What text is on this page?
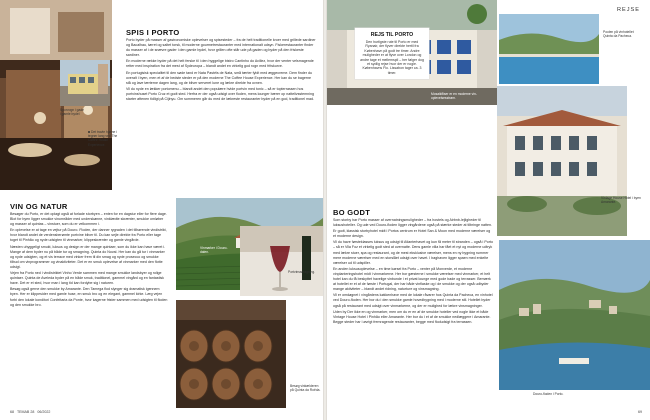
Sporvogn i gade
i gamle bydel
Det travle hjørne i tegner lang ved The Coffee House Experience.
SPIS I PORTO

Porto byder på masser af gastronomiske oplevelser og spisesteder – fra de helt traditionelle kroer med grillede sardiner og Bacalhau, tørret og saltet torsk, til moderne gourmetrestauranter med internationalt udsyn. Fiskerestauranter finder du masser af i de snævre gader i den gamle bydel, hvor grillen ofte står ude på gaden og byder på den friskeste sardiner.

En moderne række byder på det helt ferske til i den hyggelige bistro Cantinho do Avillez, hvor der venter velsmagende retter med inspiration fra det mest af Sydeuropa – blandt andet en virkelig god rogn med fritskurve.

En portugisisk specialitet til den søde tand er Nata Pastéis de Nata, små tærter fyldt med æggecreme. Dem finder du overalt i byen, men et af de bedste steder er på den moderne The Coffee House Experience. Her kan du se bagerne stå og lave tærterne dagen lang, og de bliver serveret lune og lækre direkte fra ovnen.

Vil du nyde en lækker portomenu – blandt andet den populære hvide portvin med tonic – så er topterrassen hos portvinshuset Porto Cruz et godt sted. Herfra er der også udsigt over floden, mens lounger bærer op nattelivsstemning starter aftenen tidligt på Cijinyu. Om sommeren går du med de lækreste restauranter byder på en god, traditionel mad.

VIN OG NATUR

Besøger du Porto, er det oplagt også at forlade storbyen – enten for en dagstur eller for flere dage. Blot for byen ligger smukke vinområder med underskønne, vinklædte skrænter, smukke omløber og masser af quintas – vinstuer, som du er velkommen i.

En oplevelse er at tage en vejtur på Douro. Floden, der danner rygraden i det tilhørende vindistrikt, hvor blandt andet de verdensberømte portvine bliver til. Du kan sejle direkte fra Porto eller tage toget til Pinhão og nyde udsigten til vinmarker, klippeskrænter og gamle vingårde.

Næsten uhyggeligt smukt, luksus og design er der mange quintaer, som du ikke kan have været i. Mange af dem byder nu på både tur og smagning. Quinta do Noval. Her kan du gå tur i vinmarker og nyde udsigten, og et vis terrace med vinker frem til din smag og nyde prosecco og smukke tilbud om vinprogrammer og vinaktiviteter. Det er en smuk oplevelse af vinmarker med den flotte udsigt.

Vejen fra Porto ned i vindistriktet Vinho Verde sammen med mange smukke landsbyer og rolige quintaer. Quinta de Aveleda byder på en både smuk, traditionel, gammel vingård og en fantastisk have. Det er et sted, hvor man i lang tid kan fordybe sig i naturen.

Besøg også gerne den smukke by Amarante. Den Tamega flod slynger sig dramatisk igennem byen. Her er klippesider med gamle huse, en smuk bro og en elegant, gammel kirke. Læg vejen forbi den lokale konditori Confeitaria da Ponte, hvor kagerne frister sammen med udsigten til floden og den smukke bro.

Vinmarker i Douro-dalen.
Portvinssmagning.
Besøg vinkælderen på Quinta da Roêda.
68 TEMAB 28 06/2022
REJS TIL PORTO

Den hurtigste rute til Porto er med Ryanair, der flyver direkte hertil fra København på godt tre timer. Andre muligheder er at flyve over London og andre tage et mellemspil – her følger dog et sydlig rejse hvor der er nogle. Københavns Flo. Lissabon tager ca. 3 timer.

Mosaikfliser er en moderne vin-oplevelsesstrøm.
Poolen på vinhotellet Quinta da Pacheca.
REJSE
Vintage House Hotel i byen Amarante.
BO GODT

Som storby har Porto masser af overnatningsmuligheder – fra hostels og Airbnb-lejligheder til luksushoteller. Og ude ved Douro-floden ligger vingårdene også på stærke steder at tilbringe natten.

Er godt, klassisk storbyhotel midt i Portos centrum er Hotel San & Moon med moderne værelser og et moderne design.

Vil du have førsteklasses luksus og udsigt til Atlanterhavet og kun få meter til stranden – også i Porto – så er Vila Foz et virkelig godt sted at overnatte. Dens gamle villa har fået et nyt og moderne udtryk med lækre stuer, spa og restaurant, og de mest eksklusive værelser, mens en ny bygning rummer mere moderne værelser med en storslået udsigt over havet. I baghaven ligger spaen med enkelte værelser ud til udspiller.

En anden luksusoplevelse – en time kørsel fra Porto – venter på Monverde, et moderne vinplanteringshotel midt i vinmarkerne. Her bor gæsterne i smukke værelser med vinmarker, et helt hotel kan du få beskyttet havelige vinbunde i et privat lounge med gode bade og terrasser. Bemærk at hotellet er et af de første i Portugal, der har både vinflaske og i de smukke og der også udbyder mange aktiviteter – blandt andet ridning, naturture og vinsmagning.

Vil er omdøgnet i vingårdens køkkenhave med de lokale råvarer hos Quinta da Pacheca, en vinhotel ved Douro-floden. Her bor du i den smukke gamle hovedbygning med i moderne stil. Hotellet byder også på restaurant med udsigt over vinmarkerne, og der er mulighed for lækre vinsmagninger.

Uden by Der ikke en og vinmarker, men om du er en af de smukke hoteller ved nogle ikke et både Vintage House Hotel i Pinhão eller Amarante. Her bor du i et af de smukke nedlæggere i Amarante. Begge steder har i øvrigt fremragende restauranter, begge med flodudsigt fra terrassen.

Douro-floden i Porto.
69
